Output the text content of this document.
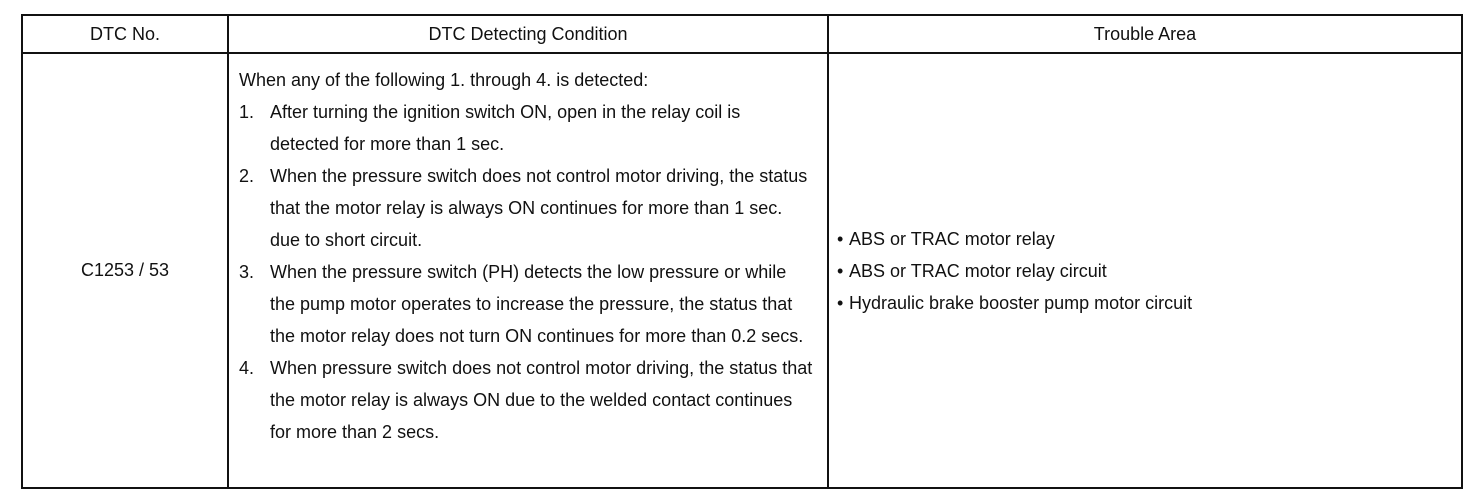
DTC No.	DTC Detecting Condition	Trouble Area
C1253 / 53
When any of the following 1. through 4. is detected:
1. After turning the ignition switch ON, open in the relay coil is detected for more than 1 sec.
2. When the pressure switch does not control motor driving, the status that the motor relay is always ON continues for more than 1 sec. due to short circuit.
3. When the pressure switch (PH) detects the low pressure or while the pump motor operates to increase the pressure, the status that the motor relay does not turn ON continues for more than 0.2 secs.
4. When pressure switch does not control motor driving, the status that the motor relay is always ON due to the welded contact continues for more than 2 secs.
• ABS or TRAC motor relay
• ABS or TRAC motor relay circuit
• Hydraulic brake booster pump motor circuit
